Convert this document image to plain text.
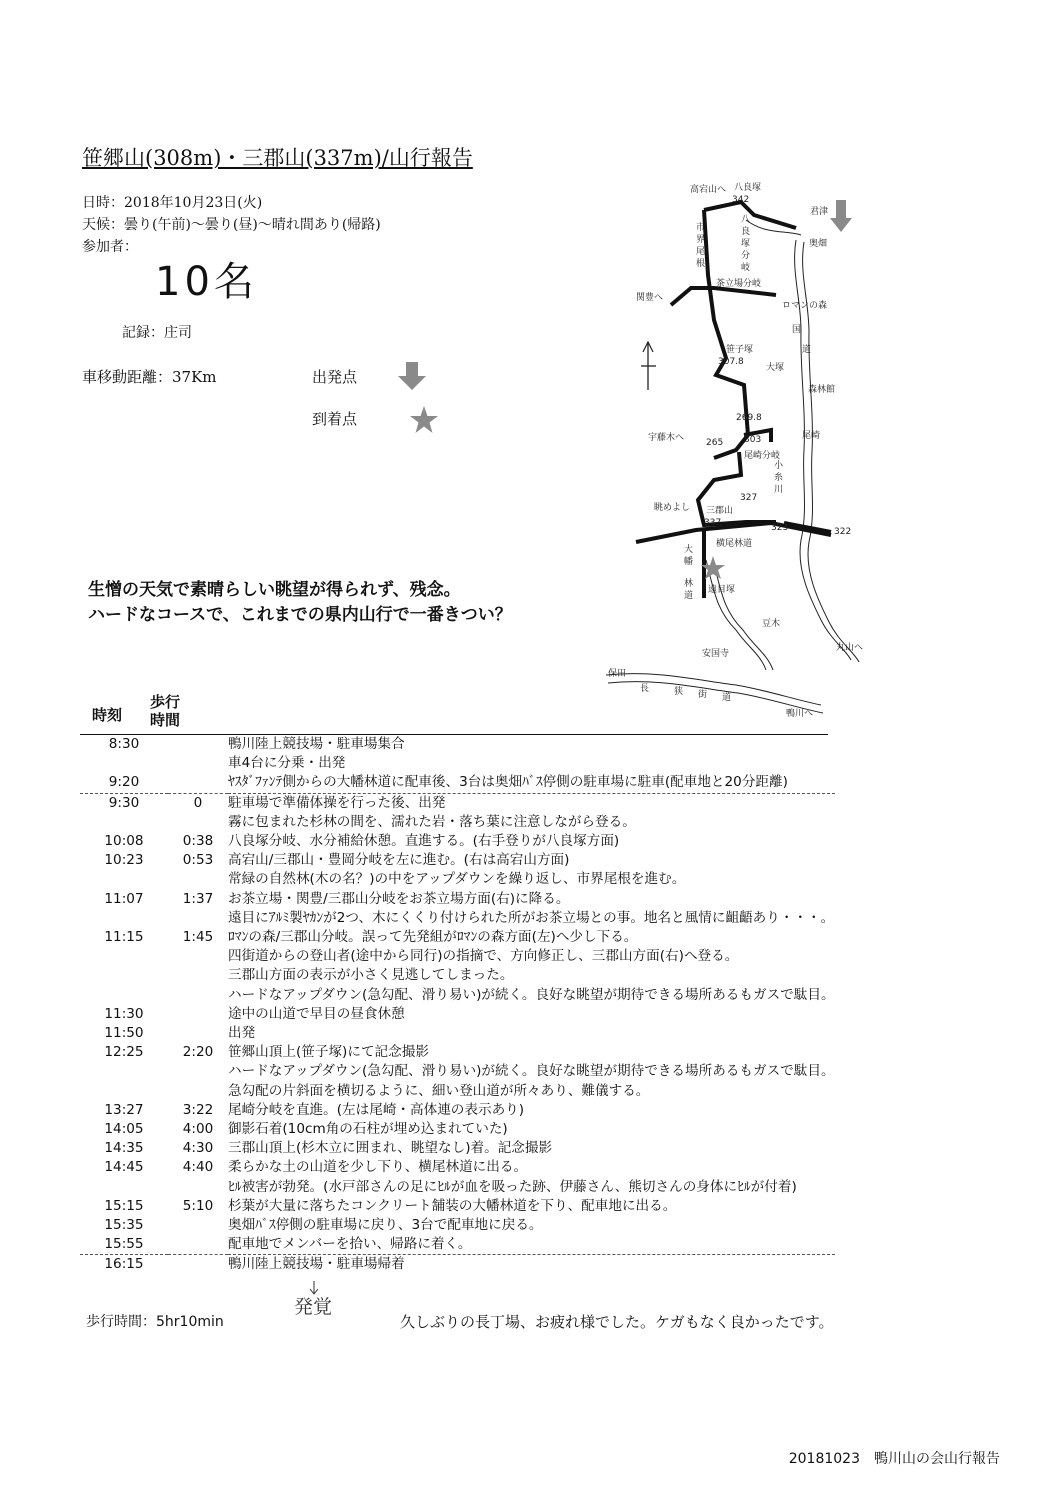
笹郷山(308m)・三郡山(337m)/山行報告
日時：2018年10月23日(火)
天候：曇り(午前)～曇り(昼)～晴れ間あり(帰路)
参加者：
10名
記録：庄司
車移動距離：37Km	出発点
到着点
高宕山へ 八良塚
342
君津
奥畑
市
界
尾
根
八
良
塚
分
岐
茶立場分岐
関豊へ
ロマンの森
国
道
笹子塚
307.8
大塚
森林館
269.8
宇藤木へ 265 303	尾崎
尾崎分岐
小
糸
川
眺めよし 三郡山
337
327
323	322
横尾林道
大
幡
林
道
遠目塚
豆木
安国寺
丸山へ
保田
長	狭 街 道
鴨川へ
生憎の天気で素晴らしい眺望が得られず、残念。
ハードなコースで、これまでの県内山行で一番きつい？
時刻
歩行
時間
8:30		鴨川陸上競技場・駐車場集合
		車4台に分乗・出発
9:20		ﾔｽﾀﾞﾌｧﾝﾃ側からの大幡林道に配車後、3台は奥畑ﾊﾞｽ停側の駐車場に駐車(配車地と20分距離)
9:30	0	駐車場で準備体操を行った後、出発
		霧に包まれた杉林の間を、濡れた岩・落ち葉に注意しながら登る。
10:08	0:38	八良塚分岐、水分補給休憩。直進する。(右手登りが八良塚方面)
10:23	0:53	高宕山/三郡山・豊岡分岐を左に進む。(右は高宕山方面)
		常緑の自然林(木の名？)の中をアップダウンを繰り返し、市界尾根を進む。
11:07	1:37	お茶立場・関豊/三郡山分岐をお茶立場方面(右)に降る。
		遠目にｱﾙﾐ製ﾔｶﾝが2つ、木にくくり付けられた所がお茶立場との事。地名と風情に齟齬あり・・・。
11:15	1:45	ﾛﾏﾝの森/三郡山分岐。誤って先発組がﾛﾏﾝの森方面(左)へ少し下る。
		四街道からの登山者(途中から同行)の指摘で、方向修正し、三郡山方面(右)へ登る。
		三郡山方面の表示が小さく見逃してしまった。
		ハードなアップダウン(急勾配、滑り易い)が続く。良好な眺望が期待できる場所あるもガスで駄目。
11:30		途中の山道で早目の昼食休憩
11:50		出発
12:25	2:20	笹郷山頂上(笹子塚)にて記念撮影
		ハードなアップダウン(急勾配、滑り易い)が続く。良好な眺望が期待できる場所あるもガスで駄目。
		急勾配の片斜面を横切るように、細い登山道が所々あり、難儀する。
13:27	3:22	尾崎分岐を直進。(左は尾崎・高体連の表示あり)
14:05	4:00	御影石着(10cm角の石柱が埋め込まれていた)
14:35	4:30	三郡山頂上(杉木立に囲まれ、眺望なし)着。記念撮影
14:45	4:40	柔らかな土の山道を少し下り、横尾林道に出る。
		ﾋﾙ被害が勃発。(水戸部さんの足にﾋﾙが血を吸った跡、伊藤さん、熊切さんの身体にﾋﾙが付着)
15:15	5:10	杉葉が大量に落ちたコンクリート舗装の大幡林道を下り、配車地に出る。
15:35		奥畑ﾊﾞｽ停側の駐車場に戻り、3台で配車地に戻る。
15:55		配車地でメンバーを拾い、帰路に着く。
16:15		鴨川陸上競技場・駐車場帰着
歩行時間：5hr10min
発覚
久しぶりの長丁場、お疲れ様でした。ケガもなく良かったです。
20181023　鴨川山の会山行報告
